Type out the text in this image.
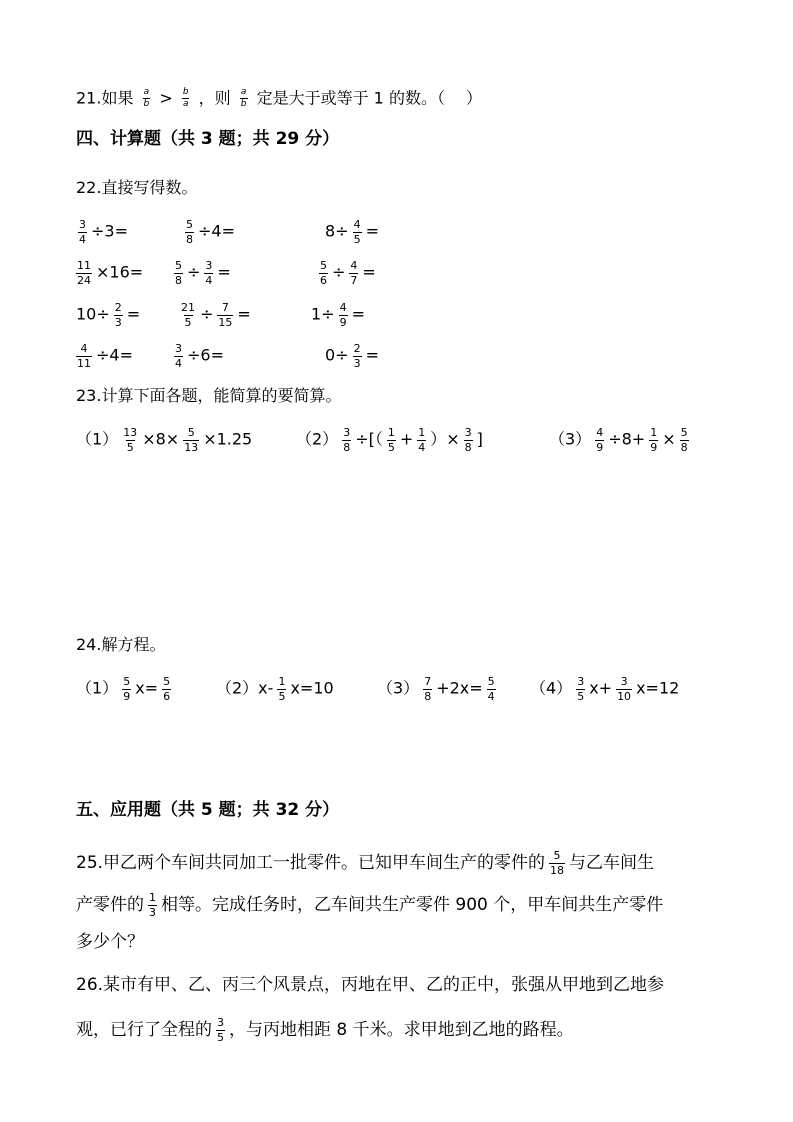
21.如果 $\frac{a}{b} > \frac{b}{a}$ ，则 $\frac{a}{b}$ 定是大于或等于 1 的数。（　 ）
四、计算题（共 3 题；共 29 分）
22.直接写得数。
$\frac{3}{4} \div 3=$	$\frac{5}{8} \div 4=$	$8\div \frac{4}{5}$ =
$\frac{11}{24} \times 16=$	$\frac{5}{8} \div \frac{3}{4}$ =	$\frac{5}{6} \div \frac{4}{7}$ =
$10\div \frac{2}{3}$ =	$\frac{21}{5} \div \frac{7}{15}$ =	$1\div \frac{4}{9}$ =
$\frac{4}{11} \div 4=$	$\frac{3}{4} \div 6=$	$0\div \frac{2}{3}$ =
23.计算下面各题，能简算的要简算。
$(1) \frac{13}{5} \times 8\times \frac{5}{13} \times 1.25$	$(2) \frac{3}{8}$ ÷[（ $\frac{1}{5} + \frac{1}{4}$ ）× $\frac{3}{8}$ ]	$(3) \frac{4}{9} \div 8+ \frac{1}{9} \times \frac{5}{8}$
24.解方程。
$(1) \frac{5}{9} x= \frac{5}{6}$	$(2)x- \frac{1}{5} x=10$	$(3) \frac{7}{8} +2x= \frac{5}{4} (4) \frac{3}{5} x+ \frac{3}{10} x=12$
五、应用题（共 5 题；共 32 分）
25.甲乙两个车间共同加工一批零件。已知甲车间生产的零件的 $\frac{5}{18}$ 与乙车间生
产零件的 $\frac{1}{3}$ 相等。完成任务时，乙车间共生产零件 900 个，甲车间共生产零件
多少个？
26.某市有甲、乙、丙三个风景点，丙地在甲、乙的正中，张强从甲地到乙地参
观，已行了全程的 $\frac{3}{5}$ ，与丙地相距 8 千米。求甲地到乙地的路程。
